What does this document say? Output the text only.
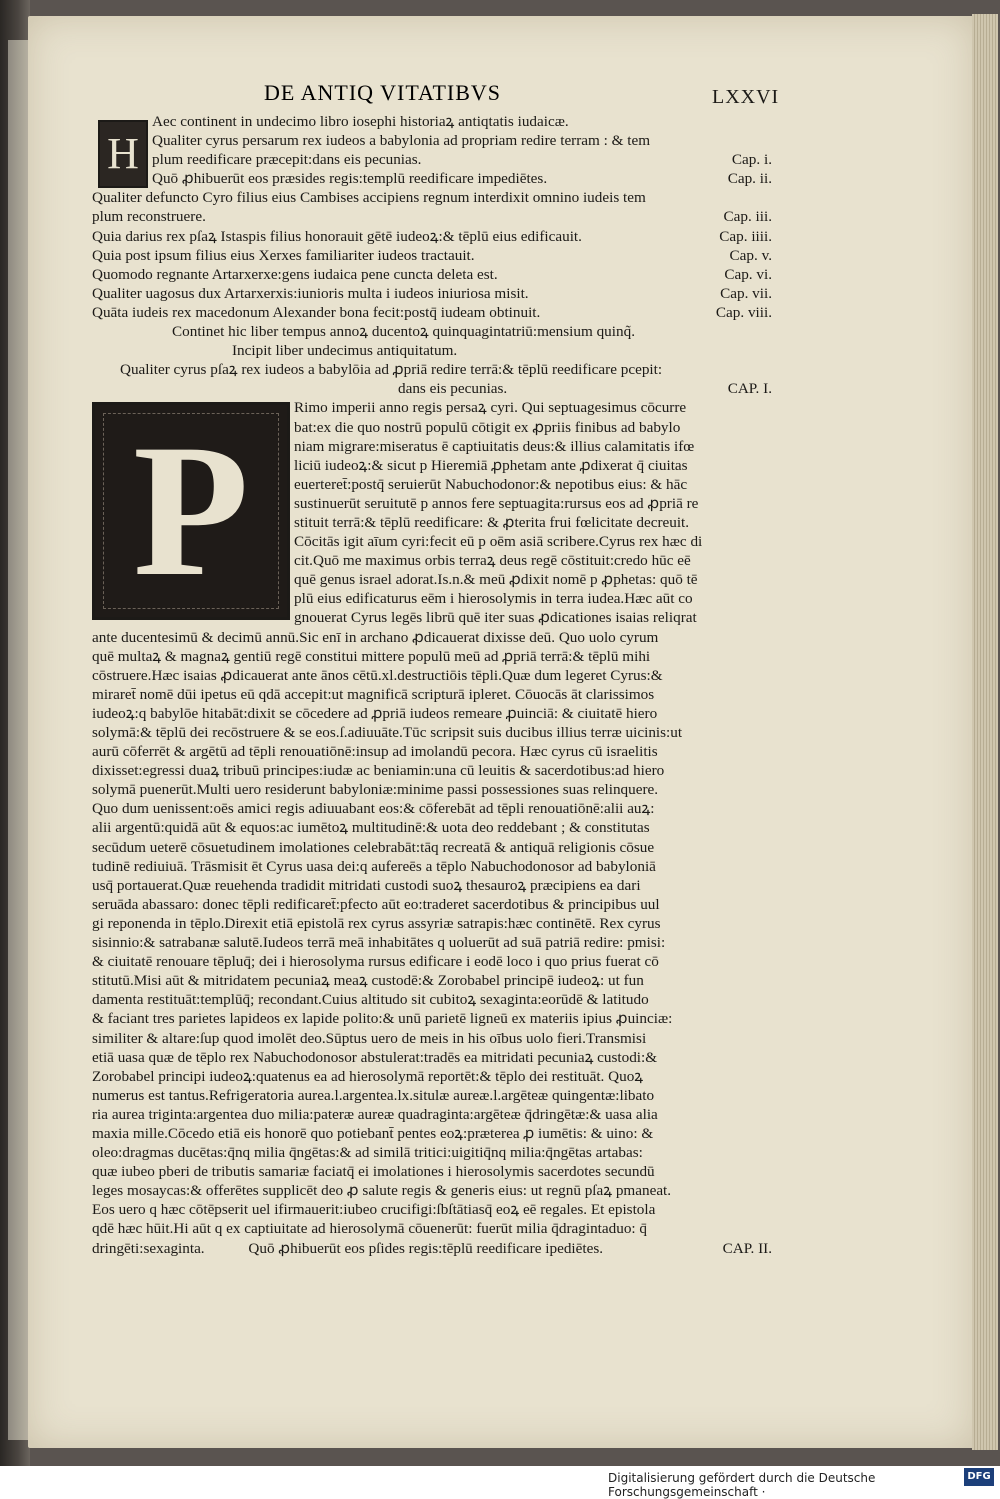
DE ANTIQ VITATIBVS	LXXVI
H
P
Aec continent in undecimo libro iosephi historiaꝝ antiqtatis iudaicæ.
Qualiter cyrus persarum rex iudeos a babylonia ad propriam redire terram : & tem
plum reedificare præcepit:dans eis pecunias.	Cap. i.
Quō ꝓhibuerūt eos præsides regis:templū reedificare impediētes.	Cap. ii.
Qualiter defuncto Cyro filius eius Cambises accipiens regnum interdixit omnino iudeis tem
plum reconstruere.	Cap. iii.
Quia darius rex pſaꝝ Istaspis filius honorauit gētē iudeoꝝ:& tēplū eius edificauit.	Cap. iiii.
Quia post ipsum filius eius Xerxes familiariter iudeos tractauit.	Cap. v.
Quomodo regnante Artarxerxe:gens iudaica pene cuncta deleta est.	Cap. vi.
Qualiter uagosus dux Artarxerxis:iunioris multa i iudeos iniuriosa misit.	Cap. vii.
Quāta iudeis rex macedonum Alexander bona fecit:postq̄ iudeam obtinuit.	Cap. viii.
Continet hic liber tempus annoꝝ ducentoꝝ quinquagintatriū:mensium quinq̃.
Incipit liber undecimus antiquitatum.
Qualiter cyrus pſaꝝ rex iudeos a babylōia ad ꝓpriā redire terrā:& tēplū reedificare pcepit:
dans eis pecunias.	CAP. I.
Rimo imperii anno regis persaꝝ cyri. Qui septuagesimus cōcurre
bat:ex die quo nostrū populū cōtigit ex ꝓpriis finibus ad babylo
niam migrare:miseratus ē captiuitatis deus:& illius calamitatis ifœ
liciū iudeoꝝ:& sicut p Hieremiā ꝓphetam ante ꝓdixerat q̄ ciuitas
euerteret̄:postq̄ seruierūt Nabuchodonor:& nepotibus eius: & hāc
sustinuerūt seruitutē p annos fere septuagita:rursus eos ad ꝓpriā re
stituit terrā:& tēplū reedificare: & ꝓterita frui fœlicitate decreuit.
Cōcitās igit aīum cyri:fecit eū p oēm asiā scribere.Cyrus rex hæc di
cit.Quō me maximus orbis terraꝝ deus regē cōstituit:credo hūc eē
quē genus israel adorat.Is.n.& meū ꝓdixit nomē p ꝓphetas: quō tē
plū eius edificaturus eēm i hierosolymis in terra iudea.Hæc aūt co
gnouerat Cyrus legēs librū quē iter suas ꝓdicationes isaias reliqrat
ante ducentesimū & decimū annū.Sic enī in archano ꝓdicauerat dixisse deū. Quo uolo cyrum
quē multaꝝ & magnaꝝ gentiū regē constitui mittere populū meū ad ꝓpriā terrā:& tēplū mihi
cōstruere.Hæc isaias ꝓdicauerat ante ānos cētū.xl.destructiōis tēpli.Quæ dum legeret Cyrus:&
miraret̄ nomē dūi ipetus eū qdā accepit:ut magnificā scripturā ipleret. Cōuocās āt clarissimos
iudeoꝝ:q babylōe hitabāt:dixit se cōcedere ad ꝓpriā iudeos remeare ꝓuinciā: & ciuitatē hiero
solymā:& tēplū dei recōstruere & se eos.ſ.adiuuāte.Tūc scripsit suis ducibus illius terræ uicinis:ut
aurū cōferrēt & argētū ad tēpli renouatiōnē:insup ad imolandū pecora. Hæc cyrus cū israelitis
dixisset:egressi duaꝝ tribuū principes:iudæ ac beniamin:una cū leuitis & sacerdotibus:ad hiero
solymā puenerūt.Multi uero residerunt babyloniæ:minime passi possessiones suas relinquere.
Quo dum uenissent:oēs amici regis adiuuabant eos:& cōferebāt ad tēpli renouatiōnē:alii auꝝ:
alii argentū:quidā aūt & equos:ac iumētoꝝ multitudinē:& uota deo reddebant ; & constitutas
secūdum ueterē cōsuetudinem imolationes celebrabāt:tāq recreatā & antiquā religionis cōsue
tudinē rediuiuā. Trāsmisit ēt Cyrus uasa dei:q aufereēs a tēplo Nabuchodonosor ad babyloniā
usq̄ portauerat.Quæ reuehenda tradidit mitridati custodi suoꝝ thesauroꝝ præcipiens ea dari
seruāda abassaro: donec tēpli redificaret̄:pfecto aūt eo:traderet sacerdotibus & principibus uul
gi reponenda in tēplo.Direxit etiā epistolā rex cyrus assyriæ satrapis:hæc continētē. Rex cyrus
sisinnio:& satrabanæ salutē.Iudeos terrā meā inhabitātes q uoluerūt ad suā patriā redire: pmisi:
& ciuitatē renouare tēpluq̄; dei i hierosolyma rursus edificare i eodē loco i quo prius fuerat cō
stitutū.Misi aūt & mitridatem pecuniaꝝ meaꝝ custodē:& Zorobabel principē iudeoꝝ: ut fun
damenta restituāt:templūq̄; recondant.Cuius altitudo sit cubitoꝝ sexaginta:eorūdē & latitudo
& faciant tres parietes lapideos ex lapide polito:& unū parietē ligneū ex materiis ipius ꝓuinciæ:
similiter & altare:ſup quod imolēt deo.Sūptus uero de meis in his oībus uolo fieri.Transmisi
etiā uasa quæ de tēplo rex Nabuchodonosor abstulerat:tradēs ea mitridati pecuniaꝝ custodi:&
Zorobabel principi iudeoꝝ:quatenus ea ad hierosolymā reportēt:& tēplo dei restituāt. Quoꝝ
numerus est tantus.Refrigeratoria aurea.l.argentea.lx.situlæ aureæ.l.argēteæ quingentæ:libato
ria aurea triginta:argentea duo milia:pateræ aureæ quadraginta:argēteæ q̄dringētæ:& uasa alia
maxia mille.Cōcedo etiā eis honorē quo potiebant̄ pentes eoꝝ:præterea ꝓ iumētis: & uino: &
oleo:dragmas ducētas:q̄nq milia q̄ngētas:& ad similā tritici:uigitiq̄nq milia:q̄ngētas artabas:
quæ iubeo pberi de tributis samariæ faciatq̄ ei imolationes i hierosolymis sacerdotes secundū
leges mosaycas:& offerētes supplicēt deo ꝓ salute regis & generis eius: ut regnū pſaꝝ pmaneat.
Eos uero q hæc cōtēpserit uel ifirmauerit:iubeo crucifigi:ſbſtātiasq̄ eoꝝ eē regales. Et epistola
qdē hæc hūit.Hi aūt q ex captiuitate ad hierosolymā cōuenerūt: fuerūt milia q̄dragintaduo: q̄
dringēti:sexaginta.	Quō ꝓhibuerūt eos pſides regis:tēplū reedificare ipediētes.	CAP. II.
Digitalisierung gefördert durch die Deutsche Forschungsgemeinschaft ·
DFG
